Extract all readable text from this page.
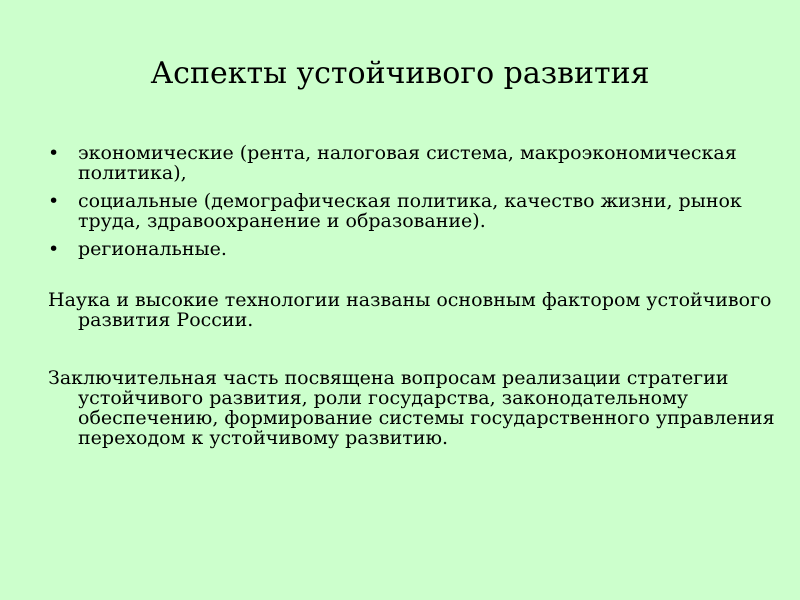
Аспекты устойчивого развития
• экономические (рента, налоговая система, макроэкономическая политика),
• социальные (демографическая политика, качество жизни, рынок труда, здравоохранение и образование).
• региональные.

Наука и высокие технологии названы основным фактором устойчивого развития России.

Заключительная часть посвящена вопросам реализации стратегии устойчивого развития, роли государства, законодательному обеспечению, формирование системы государственного управления переходом к устойчивому развитию.
